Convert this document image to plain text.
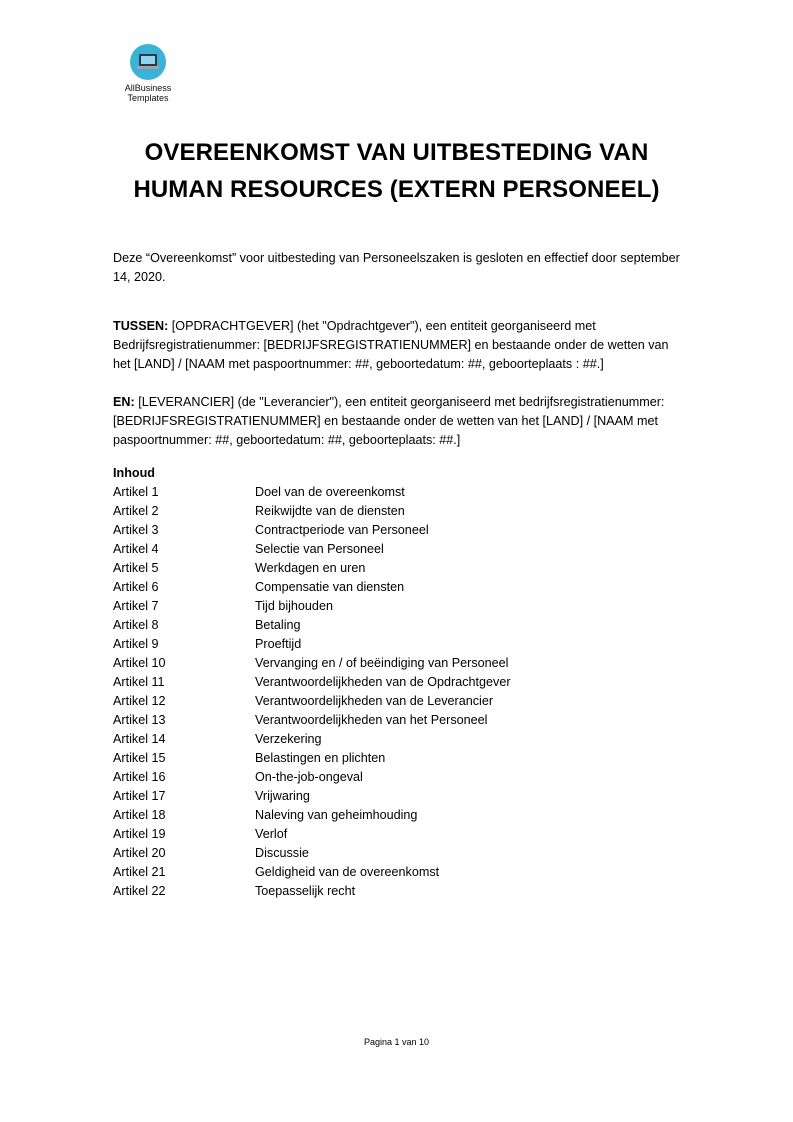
AllBusiness
Templates
OVEREENKOMST VAN UITBESTEDING VAN
HUMAN RESOURCES (EXTERN PERSONEEL)
Deze “Overeenkomst” voor uitbesteding van Personeelszaken is gesloten en effectief door september 14, 2020.
TUSSEN: [OPDRACHTGEVER] (het "Opdrachtgever"), een entiteit georganiseerd met Bedrijfsregistratienummer: [BEDRIJFSREGISTRATIENUMMER] en bestaande onder de wetten van het [LAND] / [NAAM met paspoortnummer: ##, geboortedatum: ##, geboorteplaats : ##.]
EN: [LEVERANCIER] (de "Leverancier"), een entiteit georganiseerd met bedrijfsregistratienummer: [BEDRIJFSREGISTRATIENUMMER] en bestaande onder de wetten van het [LAND] / [NAAM met paspoortnummer: ##, geboortedatum: ##, geboorteplaats: ##.]
Inhoud
Artikel 1	Doel van de overeenkomst
Artikel 2	Reikwijdte van de diensten
Artikel 3	Contractperiode van Personeel
Artikel 4	Selectie van Personeel
Artikel 5	Werkdagen en uren
Artikel 6	Compensatie van diensten
Artikel 7	Tijd bijhouden
Artikel 8	Betaling
Artikel 9	Proeftijd
Artikel 10	Vervanging en / of beëindiging van Personeel
Artikel 11	Verantwoordelijkheden van de Opdrachtgever
Artikel 12	Verantwoordelijkheden van de Leverancier
Artikel 13	Verantwoordelijkheden van het Personeel
Artikel 14	Verzekering
Artikel 15	Belastingen en plichten
Artikel 16	On-the-job-ongeval
Artikel 17	Vrijwaring
Artikel 18	Naleving van geheimhouding
Artikel 19	Verlof
Artikel 20	Discussie
Artikel 21	Geldigheid van de overeenkomst
Artikel 22	Toepasselijk recht
Pagina 1 van 10
